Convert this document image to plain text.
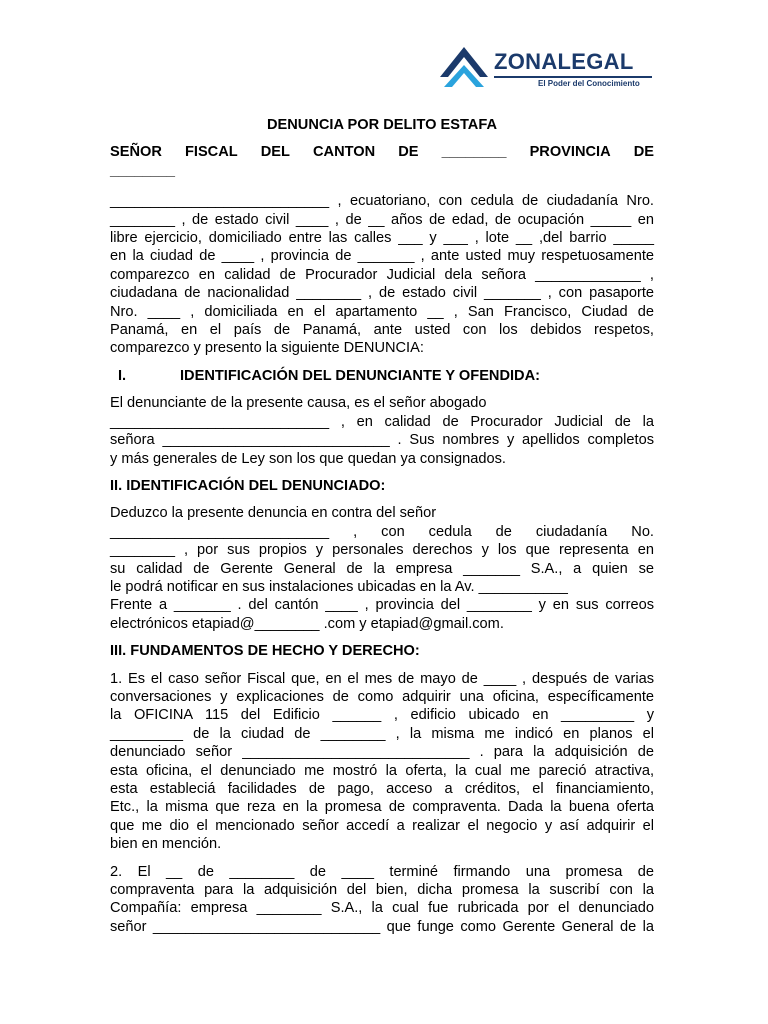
ZONALEGAL
El Poder del Conocimiento
DENUNCIA POR DELITO ESTAFA
SEÑOR FISCAL DEL CANTON DE ________ PROVINCIA DE
________

___________________________ , ecuatoriano, con cedula de ciudadanía Nro.
________ , de estado civil ____ , de __ años de edad, de ocupación _____ en
libre ejercicio, domiciliado entre las calles ___ y ___ , lote __ ,del barrio _____
en la ciudad de ____ , provincia de _______ , ante usted muy respetuosamente
comparezco en calidad de Procurador Judicial dela señora _____________ ,
ciudadana de nacionalidad ________ , de estado civil _______ , con pasaporte
Nro. ____ , domiciliada en el apartamento __ , San Francisco, Ciudad de
Panamá, en el país de Panamá, ante usted con los debidos respetos,
comparezco y presento la siguiente DENUNCIA:

I.	IDENTIFICACIÓN DEL DENUNCIANTE Y OFENDIDA:

El denunciante de la presente causa, es el señor abogado
___________________________ , en calidad de Procurador Judicial de la
señora ____________________________ . Sus nombres y apellidos completos
y más generales de Ley son los que quedan ya consignados.

II. IDENTIFICACIÓN DEL DENUNCIADO:

Deduzco la presente denuncia en contra del señor
___________________________ , con cedula de ciudadanía No.
________ , por sus propios y personales derechos y los que representa en
su calidad de Gerente General de la empresa _______ S.A., a quien se
le podrá notificar en sus instalaciones ubicadas en la Av. ___________
Frente a _______ . del cantón ____ , provincia del ________ y en sus correos
electrónicos etapiad@________ .com y etapiad@gmail.com.

III. FUNDAMENTOS DE HECHO Y DERECHO:

1. Es el caso señor Fiscal que, en el mes de mayo de ____ , después de varias
conversaciones y explicaciones de como adquirir una oficina, específicamente
la OFICINA 115 del Edificio ______ , edificio ubicado en _________ y
_________ de la ciudad de ________ , la misma me indicó en planos el
denunciado señor ____________________________ . para la adquisición de
esta oficina, el denunciado me mostró la oferta, la cual me pareció atractiva,
esta estableciá facilidades de pago, acceso a créditos, el financiamiento,
Etc., la misma que reza en la promesa de compraventa. Dada la buena oferta
que me dio el mencionado señor accedí a realizar el negocio y así adquirir el
bien en mención.

2. El __ de ________ de ____ terminé firmando una promesa de
compraventa para la adquisición del bien, dicha promesa la suscribí con la
Compañía: empresa ________ S.A., la cual fue rubricada por el denunciado
señor ____________________________ que funge como Gerente General de la
